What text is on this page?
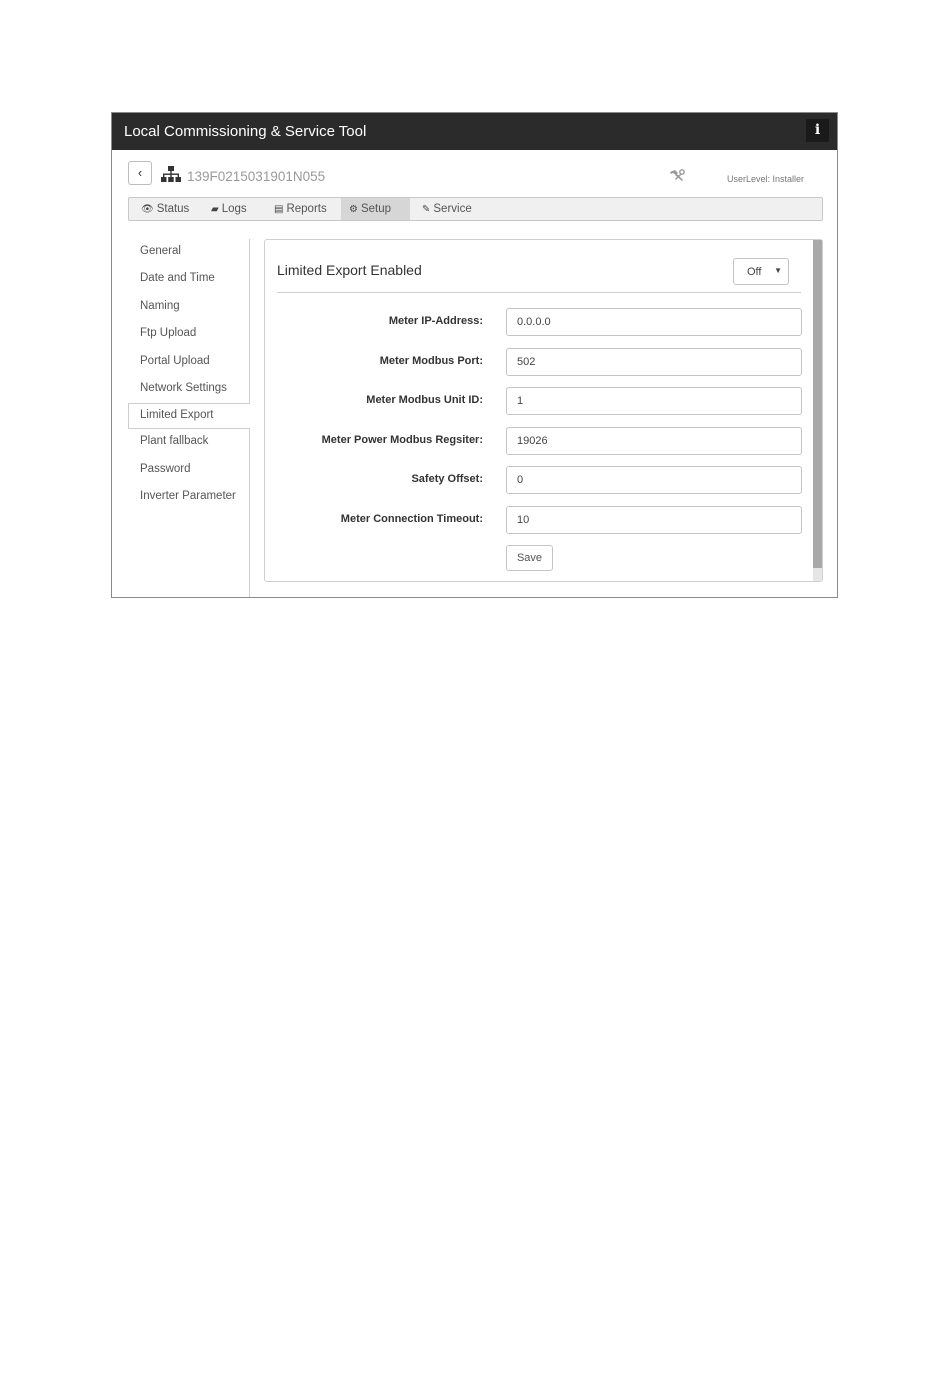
Local Commissioning & Service Tool	i
‹	139F0215031901N055	UserLevel: Installer
👁 Status	▰ Logs	▤ Reports	⚙ Setup	✎ Service
General
Date and Time
Naming
Ftp Upload
Portal Upload
Network Settings
Limited Export
Plant fallback
Password
Inverter Parameter
Limited Export Enabled	Off ▼
Meter IP-Address:	0.0.0.0
Meter Modbus Port:	502
Meter Modbus Unit ID:	1
Meter Power Modbus Regsiter:	19026
Safety Offset:	0
Meter Connection Timeout:	10
Save
